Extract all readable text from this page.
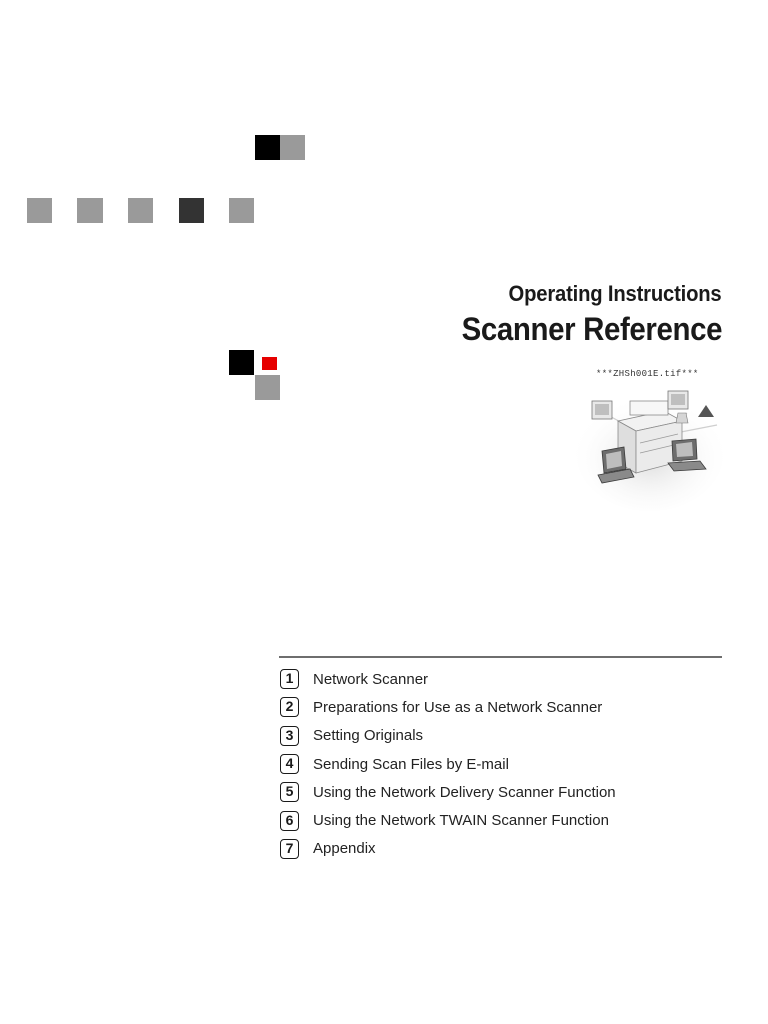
Operating Instructions
Scanner Reference
***ZHSh001E.tif***
1	Network Scanner
2	Preparations for Use as a Network Scanner
3	Setting Originals
4	Sending Scan Files by E-mail
5	Using the Network Delivery Scanner Function
6	Using the Network TWAIN Scanner Function
7	Appendix
